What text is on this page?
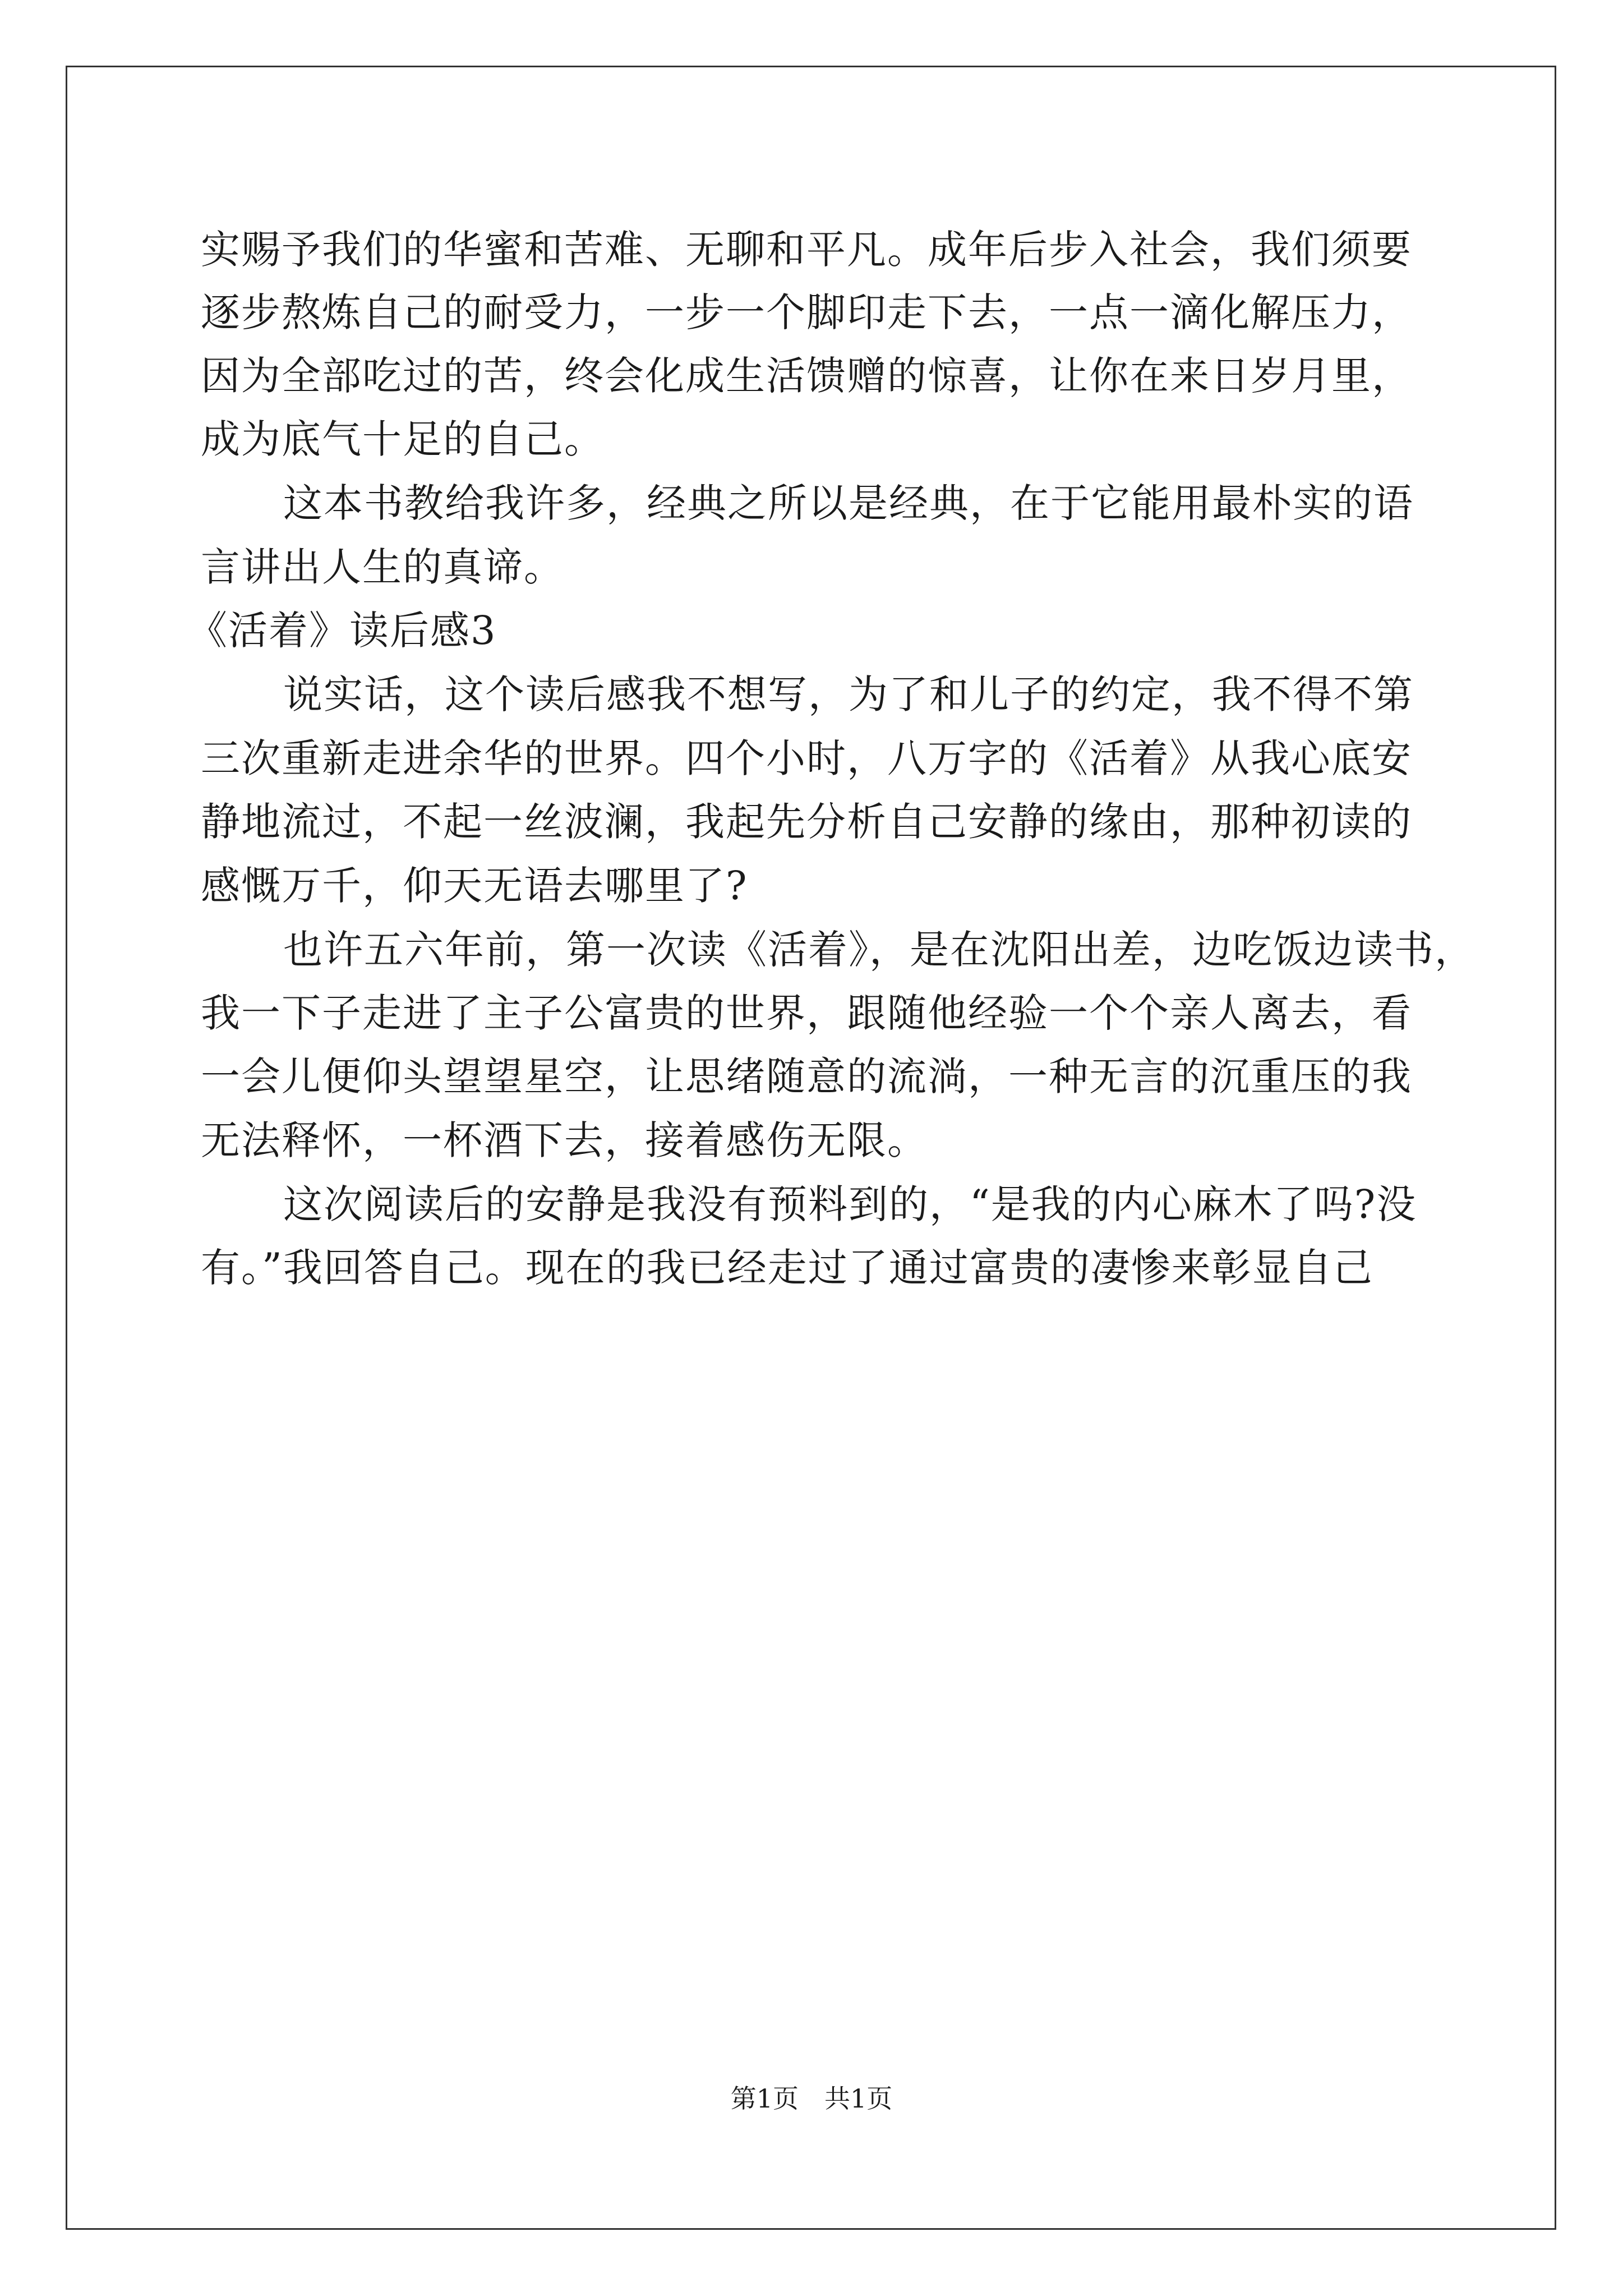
实赐予我们的华蜜和苦难、无聊和平凡。成年后步入社会，我们须要
逐步熬炼自己的耐受力，一步一个脚印走下去，一点一滴化解压力，
因为全部吃过的苦，终会化成生活馈赠的惊喜，让你在来日岁月里，
成为底气十足的自己。
这本书教给我许多，经典之所以是经典，在于它能用最朴实的语
言讲出人生的真谛。
《活着》读后感3
说实话，这个读后感我不想写，为了和儿子的约定，我不得不第
三次重新走进余华的世界。四个小时，八万字的《活着》从我心底安
静地流过，不起一丝波澜，我起先分析自己安静的缘由，那种初读的
感慨万千，仰天无语去哪里了?
也许五六年前，第一次读《活着》，是在沈阳出差，边吃饭边读书，
我一下子走进了主子公富贵的世界，跟随他经验一个个亲人离去，看
一会儿便仰头望望星空，让思绪随意的流淌，一种无言的沉重压的我
无法释怀，一杯酒下去，接着感伤无限。
这次阅读后的安静是我没有预料到的，“是我的内心麻木了吗?没
有。”我回答自己。现在的我已经走过了通过富贵的凄惨来彰显自己
第1页 共1页
